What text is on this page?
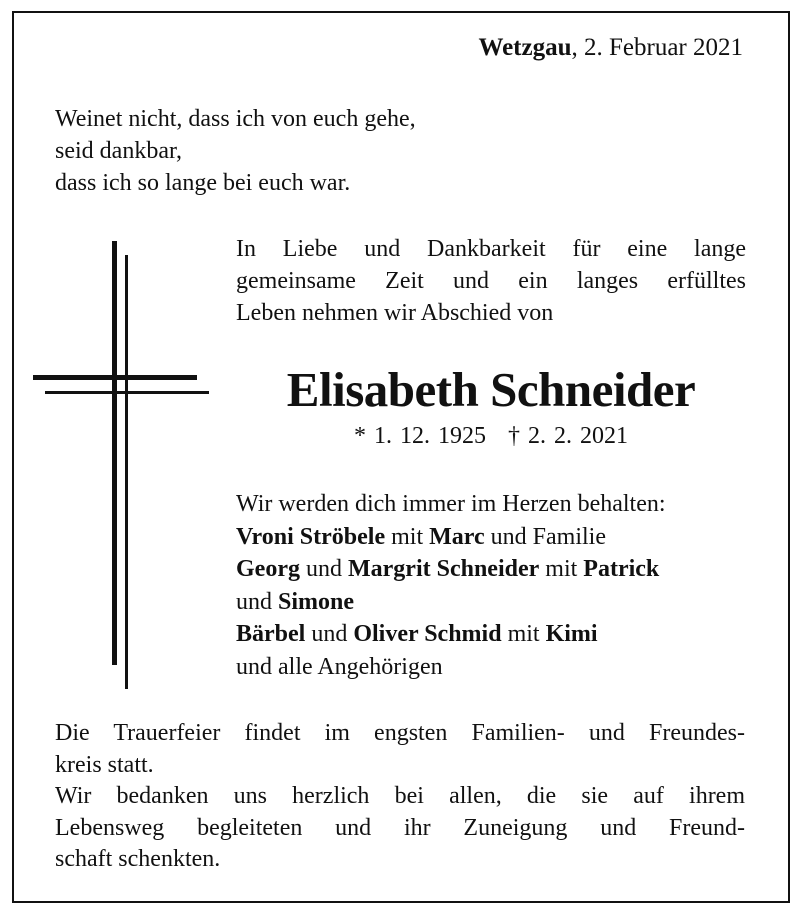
Wetzgau, 2. Februar 2021
Weinet nicht, dass ich von euch gehe,
seid dankbar,
dass ich so lange bei euch war.
In Liebe und Dankbarkeit für eine lange
gemeinsame Zeit und ein langes erfülltes
Leben nehmen wir Abschied von
Elisabeth Schneider
* 1. 12. 1925 † 2. 2. 2021
Wir werden dich immer im Herzen behalten:
Vroni Ströbele mit Marc und Familie
Georg und Margrit Schneider mit Patrick
und Simone
Bärbel und Oliver Schmid mit Kimi
und alle Angehörigen
Die Trauerfeier findet im engsten Familien- und Freundes-
kreis statt.
Wir bedanken uns herzlich bei allen, die sie auf ihrem
Lebensweg begleiteten und ihr Zuneigung und Freund-
schaft schenkten.
